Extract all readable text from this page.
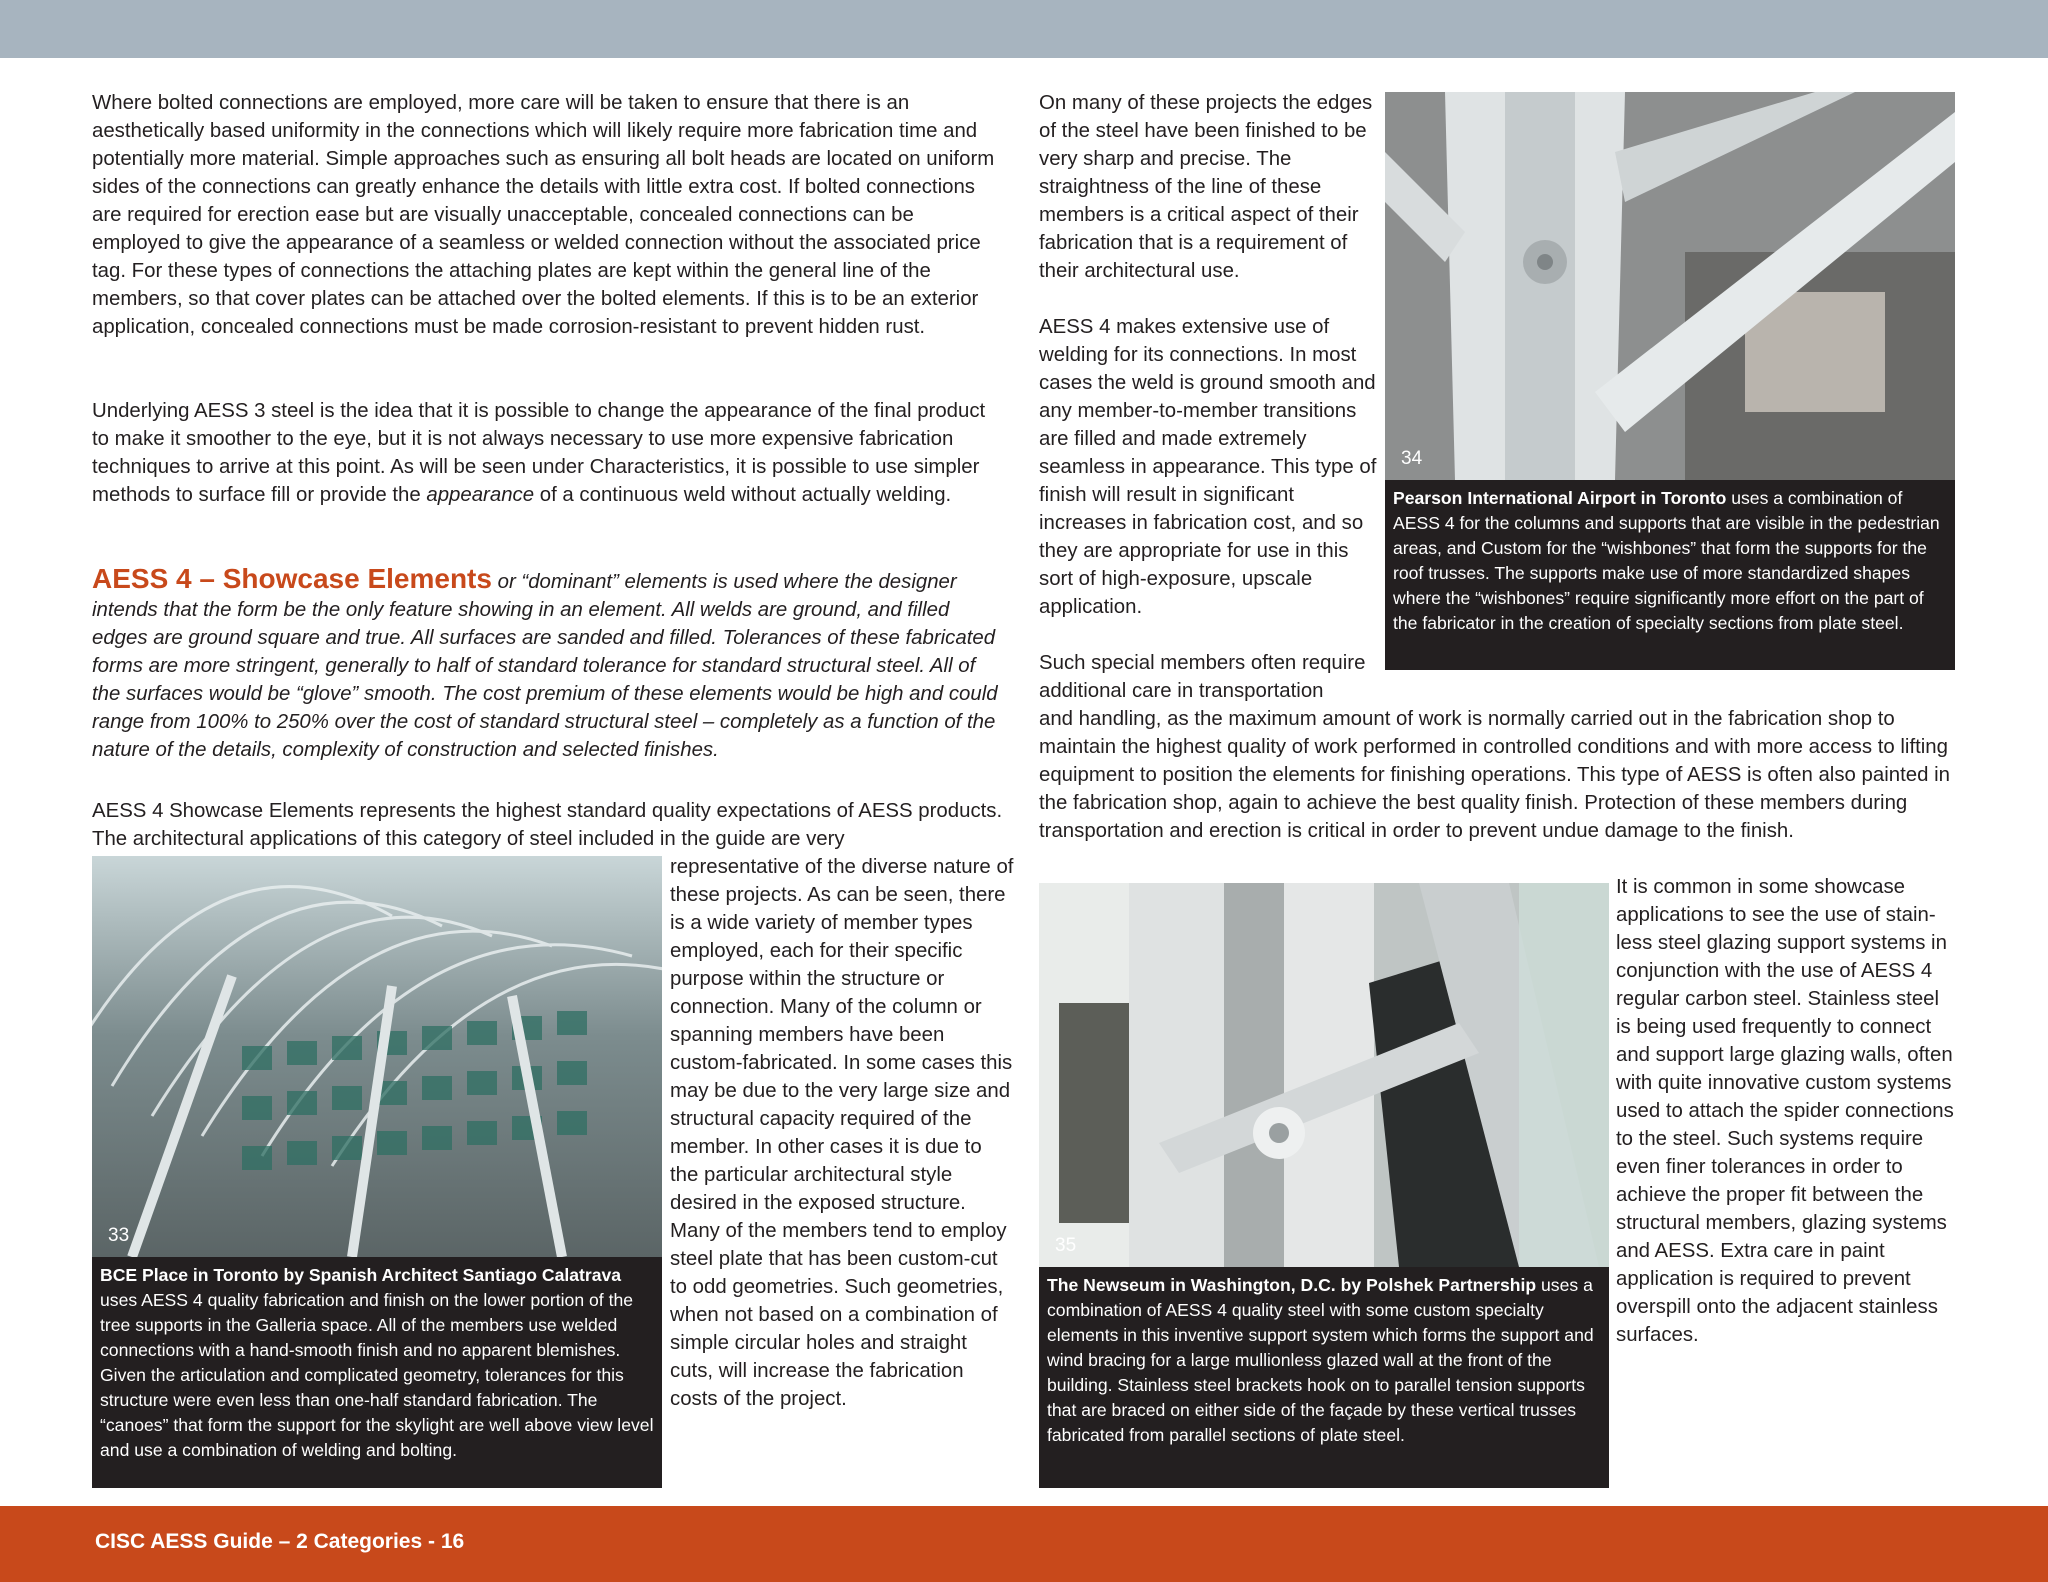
Where bolted connections are employed, more care will be taken to ensure that there is an aesthetically based uniformity in the connections which will likely require more fabrication time and potentially more material. Simple approaches such as ensuring all bolt heads are located on uniform sides of the connections can greatly enhance the details with little extra cost. If bolted connections are required for erection ease but are visually unacceptable, concealed connections can be employed to give the appearance of a seamless or welded connection without the associated price tag. For these types of connections the attaching plates are kept within the general line of the members, so that cover plates can be attached over the bolted elements. If this is to be an exterior application, concealed connections must be made corrosion-resistant to prevent hidden rust.

Underlying AESS 3 steel is the idea that it is possible to change the appearance of the final product to make it smoother to the eye, but it is not always necessary to use more expensive fabrication techniques to arrive at this point. As will be seen under Characteristics, it is possible to use simpler methods to surface fill or provide the appearance of a continuous weld without actually welding.

AESS 4 – Showcase Elements or “dominant” elements is used where the designer intends that the form be the only feature showing in an element. All welds are ground, and filled edges are ground square and true. All surfaces are sanded and filled. Tolerances of these fabricated forms are more stringent, generally to half of standard tolerance for standard structural steel. All of the surfaces would be “glove” smooth. The cost premium of these elements would be high and could range from 100% to 250% over the cost of standard structural steel – completely as a function of the nature of the details, complexity of construction and selected finishes.

AESS 4 Showcase Elements represents the highest standard quality expectations of AESS products. The architectural applications of this category of steel included in the guide are very

33
BCE Place in Toronto by Spanish Architect Santiago Calatrava uses AESS 4 quality fabrication and finish on the lower portion of the tree supports in the Galleria space. All of the members use welded connections with a hand-smooth finish and no apparent blemishes. Given the articulation and complicated geometry, tolerances for this structure were even less than one-half standard fabrication. The “canoes” that form the support for the skylight are well above view level and use a combination of welding and bolting.

representative of the diverse nature of these projects. As can be seen, there is a wide variety of member types employed, each for their specific purpose within the structure or connection. Many of the column or spanning members have been custom-fabricated. In some cases this may be due to the very large size and structural capacity required of the member. In other cases it is due to the particular architectural style desired in the exposed structure. Many of the members tend to employ steel plate that has been custom-cut to odd geometries. Such geometries, when not based on a combination of simple circular holes and straight cuts, will increase the fabrication costs of the project.

On many of these projects the edges of the steel have been finished to be very sharp and precise. The straightness of the line of these members is a critical aspect of their fabrication that is a requirement of their architectural use.

AESS 4 makes extensive use of welding for its connections. In most cases the weld is ground smooth and any member-to-member transitions are filled and made extremely seamless in appearance. This type of finish will result in significant increases in fabrication cost, and so they are appropriate for use in this sort of high-exposure, upscale application.

Such special members often require additional care in transportation

and handling, as the maximum amount of work is normally carried out in the fabrication shop to maintain the highest quality of work performed in controlled conditions and with more access to lifting equipment to position the elements for finishing operations. This type of AESS is often also painted in the fabrication shop, again to achieve the best quality finish. Protection of these members during transportation and erection is critical in order to prevent undue damage to the finish.

34
Pearson International Airport in Toronto uses a combination of AESS 4 for the columns and supports that are visible in the pedestrian areas, and Custom for the “wishbones” that form the supports for the roof trusses. The supports make use of more standardized shapes where the “wishbones” require significantly more effort on the part of the fabricator in the creation of specialty sections from plate steel.
35
The Newseum in Washington, D.C. by Polshek Partnership uses a combination of AESS 4 quality steel with some custom specialty elements in this inventive support system which forms the support and wind bracing for a large mullionless glazed wall at the front of the building. Stainless steel brackets hook on to parallel tension supports that are braced on either side of the façade by these vertical trusses fabricated from parallel sections of plate steel.

It is common in some showcase applications to see the use of stainless steel glazing support systems in conjunction with the use of AESS 4 regular carbon steel. Stainless steel is being used frequently to connect and support large glazing walls, often with quite innovative custom systems used to attach the spider connections to the steel. Such systems require even finer tolerances in order to achieve the proper fit between the structural members, glazing systems and AESS. Extra care in paint application is required to prevent overspill onto the adjacent stainless surfaces.

CISC AESS Guide – 2 Categories - 16
